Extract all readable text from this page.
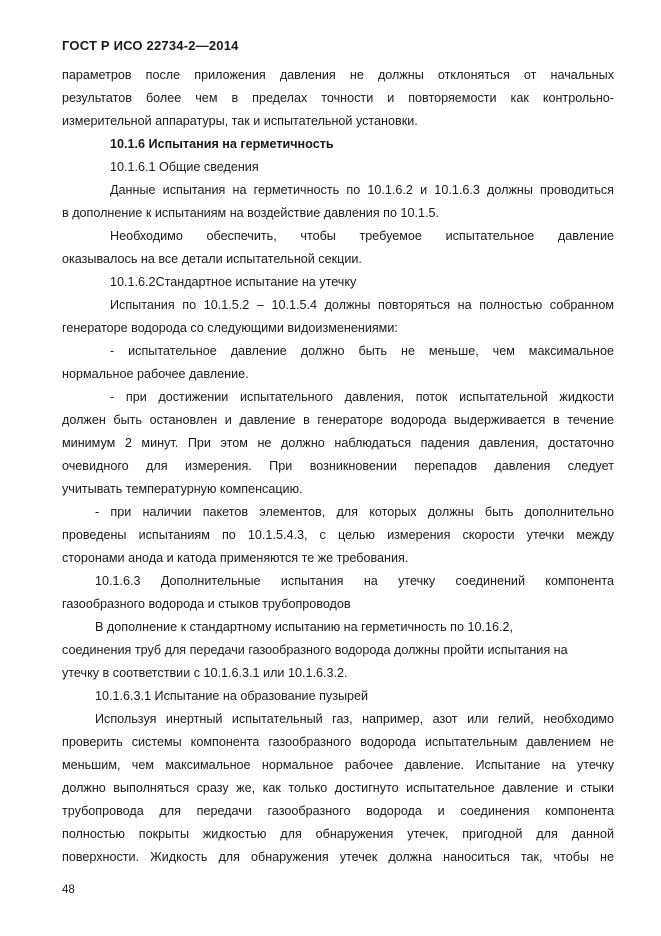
ГОСТ Р ИСО 22734-2—2014
параметров после приложения давления не должны отклоняться от начальных
результатов более чем в пределах точности и повторяемости как контрольно-
измерительной аппаратуры, так и испытательной установки.
10.1.6 Испытания на герметичность
10.1.6.1 Общие сведения
Данные испытания на герметичность по 10.1.6.2 и 10.1.6.3 должны проводиться
в дополнение к испытаниям на воздействие давления по 10.1.5.
Необходимо обеспечить, чтобы требуемое испытательное давление
оказывалось на все детали испытательной секции.
10.1.6.2Стандартное испытание на утечку
Испытания по 10.1.5.2 – 10.1.5.4 должны повторяться на полностью собранном
генераторе водорода со следующими видоизменениями:
- испытательное давление должно быть не меньше, чем максимальное
нормальное рабочее давление.
- при достижении испытательного давления, поток испытательной жидкости
должен быть остановлен и давление в генераторе водорода выдерживается в течение
минимум 2 минут. При этом не должно наблюдаться падения давления, достаточно
очевидного для измерения. При возникновении перепадов давления следует
учитывать температурную компенсацию.
- при наличии пакетов элементов, для которых должны быть дополнительно
проведены испытаниям по 10.1.5.4.3, с целью измерения скорости утечки между
сторонами анода и катода применяются те же требования.
10.1.6.3 Дополнительные испытания на утечку соединений компонента
газообразного водорода и стыков трубопроводов
В дополнение к стандартному испытанию на герметичность по 10.16.2,
соединения труб для передачи газообразного водорода должны пройти испытания на
утечку в соответствии с 10.1.6.3.1 или 10.1.6.3.2.
10.1.6.3.1 Испытание на образование пузырей
Используя инертный испытательный газ, например, азот или гелий, необходимо
проверить системы компонента газообразного водорода испытательным давлением не
меньшим, чем максимальное нормальное рабочее давление. Испытание на утечку
должно выполняться сразу же, как только достигнуто испытательное давление и стыки
трубопровода для передачи газообразного водорода и соединения компонента
полностью покрыты жидкостью для обнаружения утечек, пригодной для данной
поверхности. Жидкость для обнаружения утечек должна наноситься так, чтобы не
48
